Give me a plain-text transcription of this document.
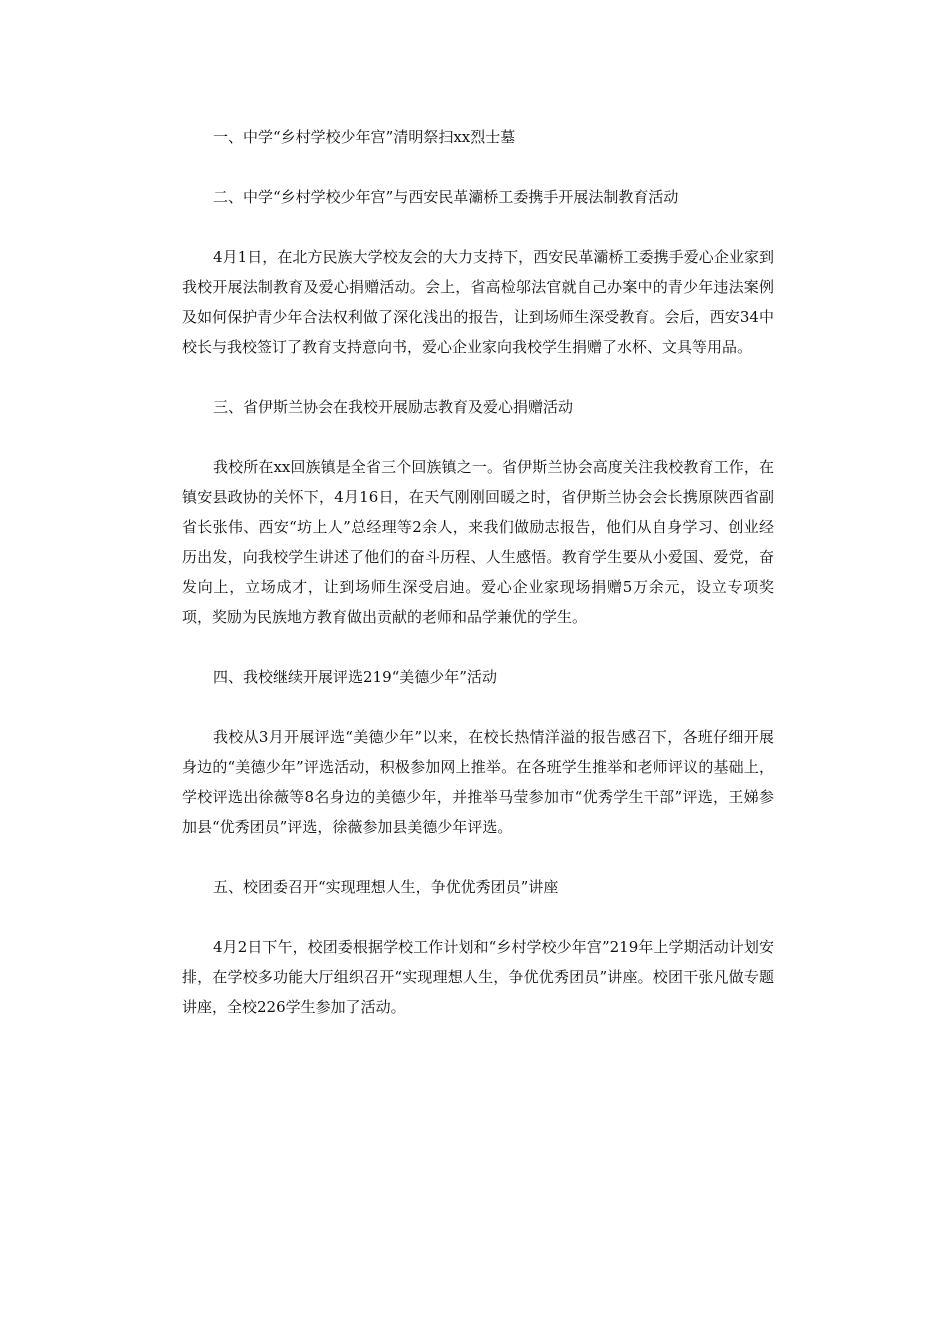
一、中学“乡村学校少年宫”清明祭扫xx烈士墓

二、中学“乡村学校少年宫”与西安民革灞桥工委携手开展法制教育活动

4月1日，在北方民族大学校友会的大力支持下，西安民革灞桥工委携手爱心企业家到我校开展法制教育及爱心捐赠活动。会上，省高检邬法官就自己办案中的青少年违法案例及如何保护青少年合法权利做了深化浅出的报告，让到场师生深受教育。会后，西安34中校长与我校签订了教育支持意向书，爱心企业家向我校学生捐赠了水杯、文具等用品。

三、省伊斯兰协会在我校开展励志教育及爱心捐赠活动

我校所在xx回族镇是全省三个回族镇之一。省伊斯兰协会高度关注我校教育工作，在镇安县政协的关怀下，4月16日，在天气刚刚回暖之时，省伊斯兰协会会长携原陕西省副省长张伟、西安“坊上人”总经理等2余人，来我们做励志报告，他们从自身学习、创业经历出发，向我校学生讲述了他们的奋斗历程、人生感悟。教育学生要从小爱国、爱党，奋发向上，立场成才，让到场师生深受启迪。爱心企业家现场捐赠5万余元，设立专项奖项，奖励为民族地方教育做出贡献的老师和品学兼优的学生。

四、我校继续开展评选219“美德少年”活动

我校从3月开展评选“美德少年”以来，在校长热情洋溢的报告感召下，各班仔细开展身边的“美德少年”评选活动，积极参加网上推举。在各班学生推举和老师评议的基础上，学校评选出徐薇等8名身边的美德少年，并推举马莹参加市“优秀学生干部”评选，王娣参加县“优秀团员”评选，徐薇参加县美德少年评选。

五、校团委召开“实现理想人生，争优优秀团员”讲座

4月2日下午，校团委根据学校工作计划和“乡村学校少年宫”219年上学期活动计划安排，在学校多功能大厅组织召开“实现理想人生，争优优秀团员”讲座。校团干张凡做专题讲座，全校226学生参加了活动。
